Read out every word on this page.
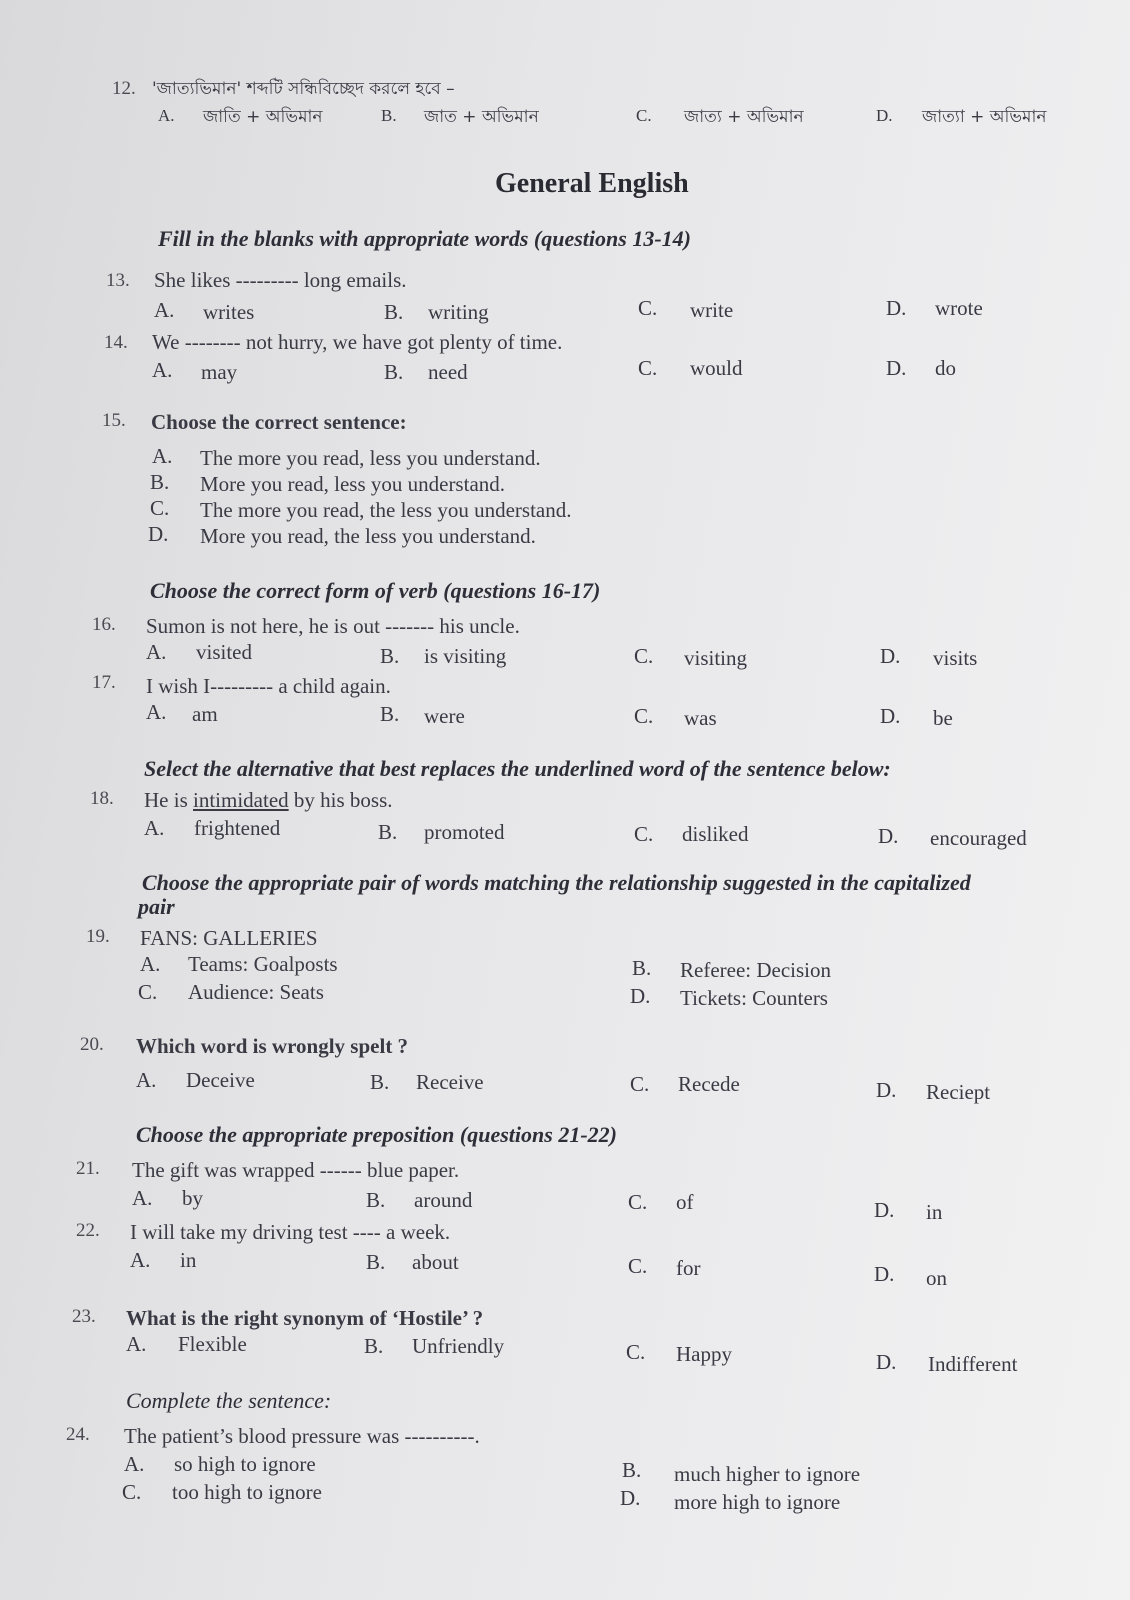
12. 'জাত্যভিমান' শব্দটি সন্ধিবিচ্ছেদ করলে হবে –
A. জাতি + অভিমান	B. জাত + অভিমান	C. জাত্য + অভিমান	D. জাত্যা + অভিমান
General English
Fill in the blanks with appropriate words (questions 13-14)
13. She likes --------- long emails.
A. writes	B. writing	C. write	D. wrote
14. We -------- not hurry, we have got plenty of time.
A. may	B. need	C. would	D. do
15. Choose the correct sentence:
A. The more you read, less you understand.
B. More you read, less you understand.
C. The more you read, the less you understand.
D. More you read, the less you understand.
Choose the correct form of verb (questions 16-17)
16. Sumon is not here, he is out ------- his uncle.
A. visited	B. is visiting	C. visiting	D. visits
17. I wish I--------- a child again.
A. am	B. were	C. was	D. be
Select the alternative that best replaces the underlined word of the sentence below:
18. He is intimidated by his boss.
A. frightened	B. promoted	C. disliked	D. encouraged
Choose the appropriate pair of words matching the relationship suggested in the capitalized
pair
19. FANS: GALLERIES
A. Teams: Goalposts	B. Referee: Decision
C. Audience: Seats	D. Tickets: Counters
20. Which word is wrongly spelt ?
A. Deceive	B. Receive	C. Recede	D. Reciept
Choose the appropriate preposition (questions 21-22)
21. The gift was wrapped ------ blue paper.
A. by	B. around	C. of	D. in
22. I will take my driving test ---- a week.
A. in	B. about	C. for	D. on
23. What is the right synonym of ‘Hostile’ ?
A. Flexible	B. Unfriendly	C. Happy	D. Indifferent
Complete the sentence:
24. The patient’s blood pressure was ----------.
A. so high to ignore	B. much higher to ignore
C. too high to ignore	D. more high to ignore
